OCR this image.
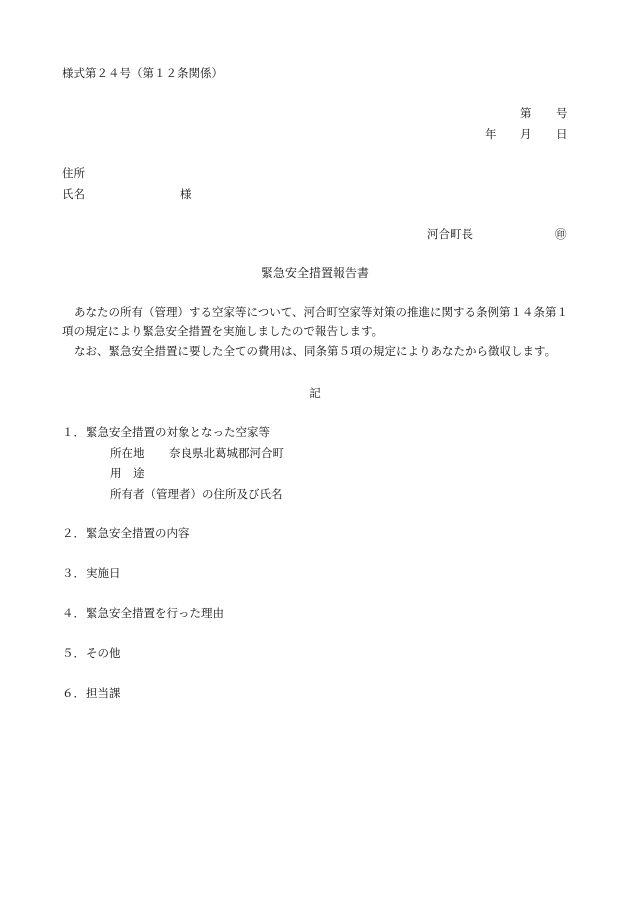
様式第２４号（第１２条関係）
第 号
年 月 日
住所
氏名	様
河合町長	㊞
緊急安全措置報告書
あなたの所有（管理）する空家等について、河合町空家等対策の推進に関する条例第１４条第１項の規定により緊急安全措置を実施しましたので報告します。
なお、緊急安全措置に要した全ての費用は、同条第５項の規定によりあなたから徴収します。
記
１． 緊急安全措置の対象となった空家等
所在地 奈良県北葛城郡河合町
用　途
所有者（管理者）の住所及び氏名
２． 緊急安全措置の内容
３． 実施日
４． 緊急安全措置を行った理由
５． その他
６． 担当課
